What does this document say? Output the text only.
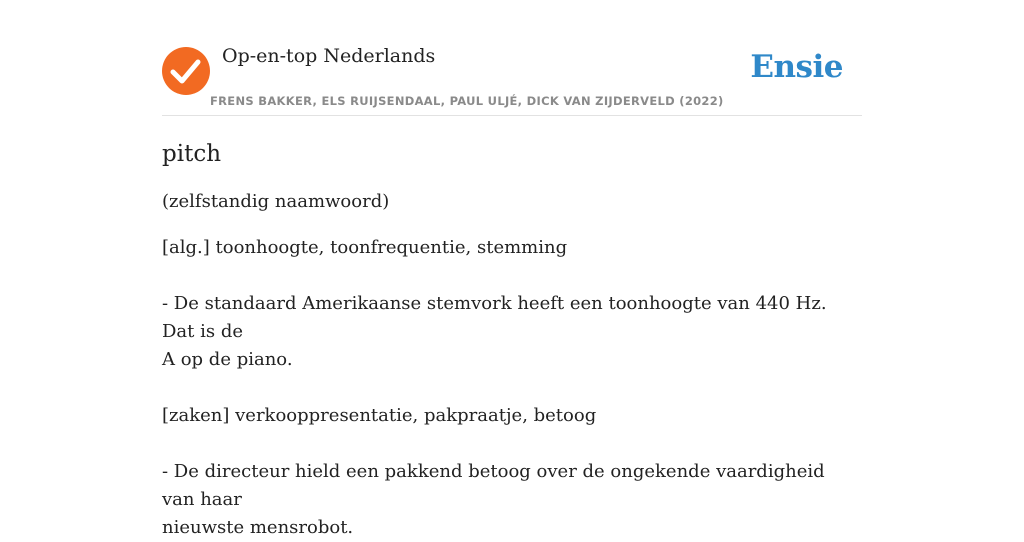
Op-en-top Nederlands
FRENS BAKKER, ELS RUIJSENDAAL, PAUL ULJÉ, DICK VAN ZIJDERVELD (2022)
Ensie
pitch
(zelfstandig naamwoord)
[alg.] toonhoogte, toonfrequentie, stemming
- De standaard Amerikaanse stemvork heeft een toonhoogte van 440 Hz. Dat is de
A op de piano.
[zaken] verkooppresentatie, pakpraatje, betoog
- De directeur hield een pakkend betoog over de ongekende vaardigheid van haar
nieuwste mensrobot.
